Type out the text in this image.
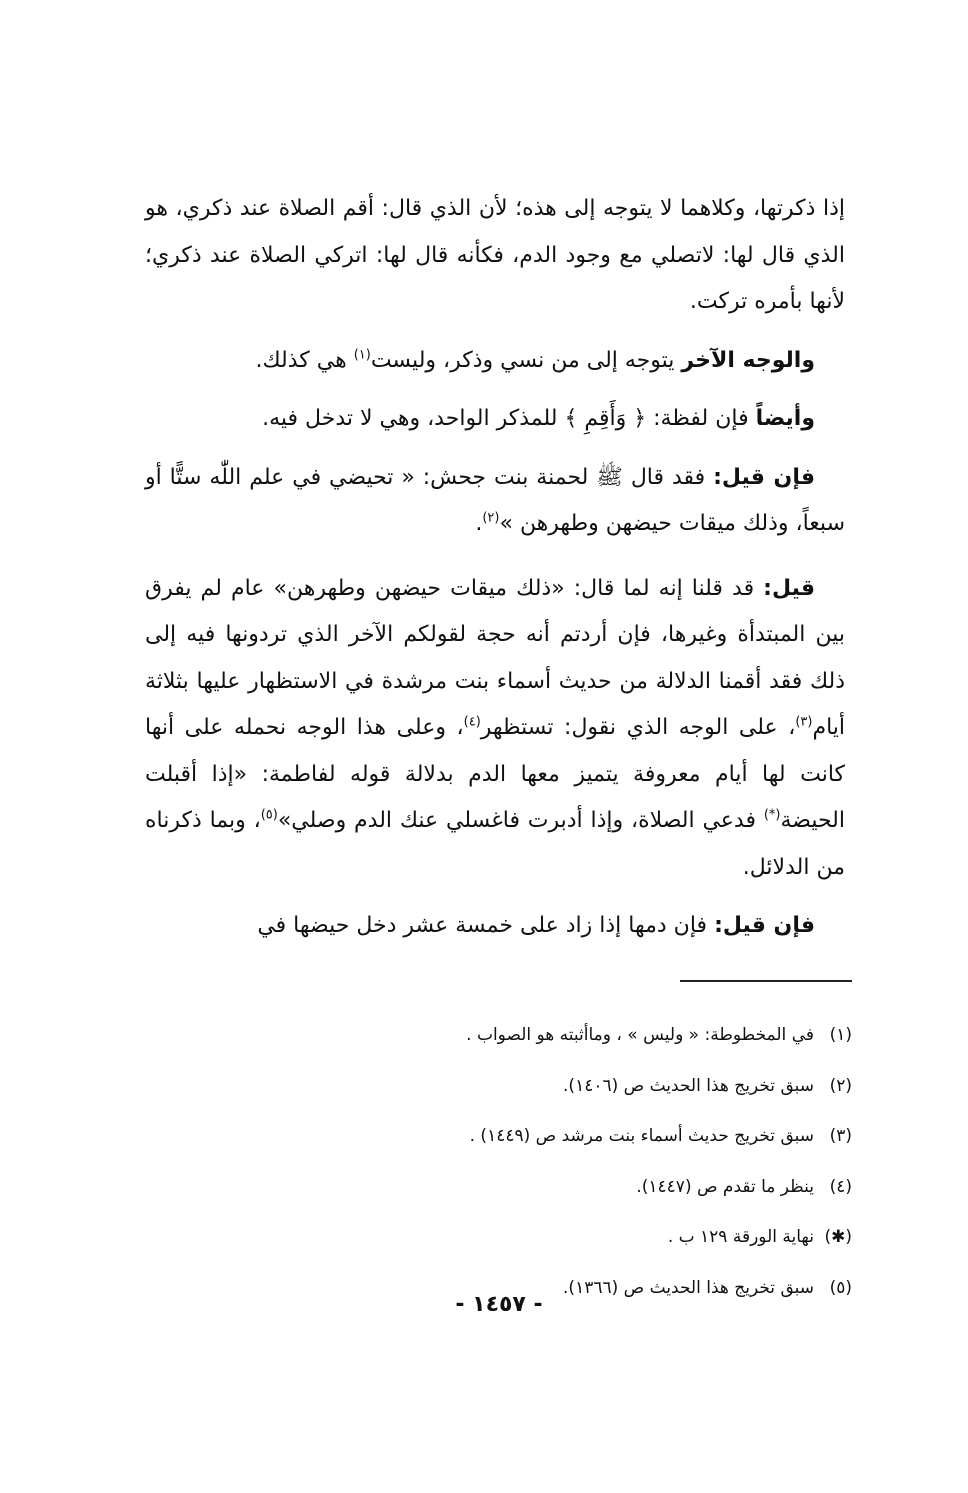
إذا ذكرتها، وكلاهما لا يتوجه إلى هذه؛ لأن الذي قال: أقم الصلاة عند ذكري، هو الذي قال لها: لاتصلي مع وجود الدم، فكأنه قال لها: اتركي الصلاة عند ذكري؛ لأنها بأمره تركت.

والوجه الآخر يتوجه إلى من نسي وذكر، وليست$^{(١)}$ هي كذلك.

وأيضاً فإن لفظة: ﴿ وَأَقِمِ ﴾ للمذكر الواحد، وهي لا تدخل فيه.

فإن قيل: فقد قال ﷺ لحمنة بنت جحش: « تحيضي في علم اللّٰه ستًّا أو سبعاً، وذلك ميقات حيضهن وطهرهن »$^{(٢)}$.

قيل: قد قلنا إنه لما قال: «ذلك ميقات حيضهن وطهرهن» عام لم يفرق بين المبتدأة وغيرها، فإن أردتم أنه حجة لقولكم الآخر الذي تردونها فيه إلى ذلك فقد أقمنا الدلالة من حديث أسماء بنت مرشدة في الاستظهار عليها بثلاثة أيام$^{(٣)}$، على الوجه الذي نقول: تستظهر$^{(٤)}$، وعلى هذا الوجه نحمله على أنها كانت لها أيام معروفة يتميز معها الدم بدلالة قوله لفاطمة: «إذا أقبلت الحيضة(*) فدعي الصلاة، وإذا أدبرت فاغسلي عنك الدم وصلي»$^{(٥)}$، وبما ذكرناه من الدلائل.

فإن قيل: فإن دمها إذا زاد على خمسة عشر دخل حيضها في

(١)في المخطوطة: « وليس » ، وماأثبته هو الصواب .
(٢)سبق تخريج هذا الحديث ص (١٤٠٦).
(٣)سبق تخريج حديث أسماء بنت مرشد ص (١٤٤٩) .
(٤)ينظر ما تقدم ص (١٤٤٧).
(✱)نهاية الورقة ١٢٩ ب .
(٥)سبق تخريج هذا الحديث ص (١٣٦٦).
- ١٤٥٧ -
